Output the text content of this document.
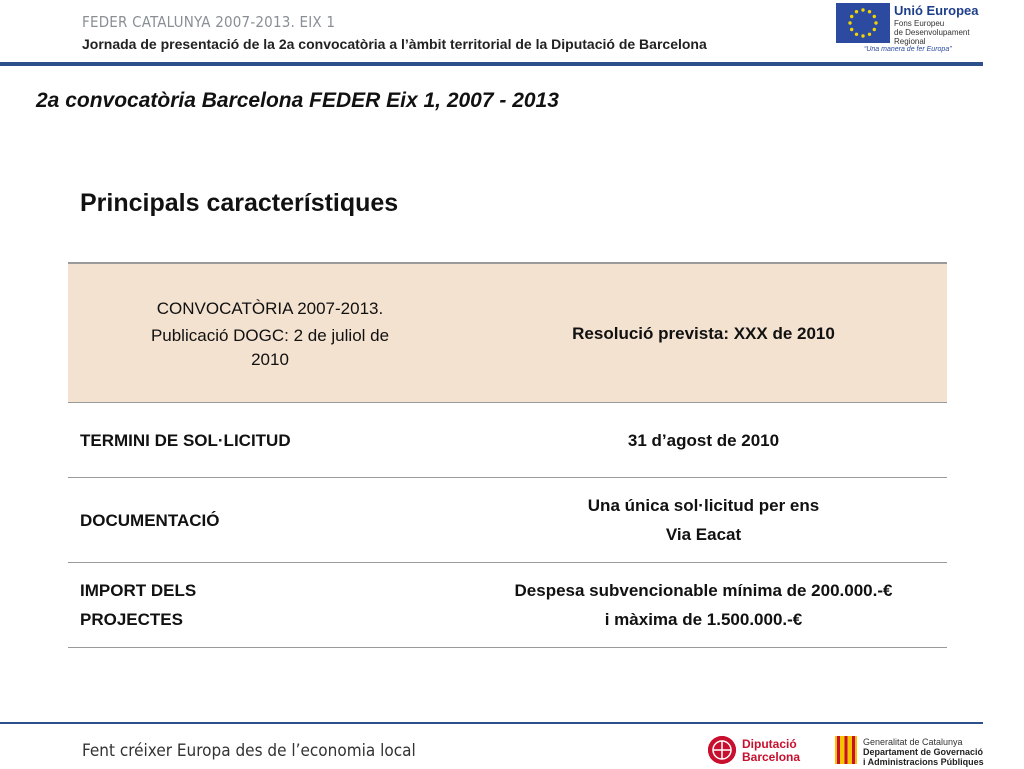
FEDER CATALUNYA 2007-2013. EIX 1
Jornada de presentació de la 2a convocatòria a l’àmbit territorial de la Diputació de Barcelona
Unió Europea
Fons Europeu
de Desenvolupament
Regional
“Una manera de fer Europa”
2a convocatòria Barcelona FEDER Eix 1, 2007 - 2013
Principals característiques
CONVOCATÒRIA 2007-2013.
Publicació DOGC: 2 de juliol de
2010	Resolució prevista: XXX de 2010

TERMINI DE SOL·LICITUD	31 d’agost de 2010

DOCUMENTACIÓ	Una única sol·licitud per ens
Via Eacat

IMPORT DELS
PROJECTES	Despesa subvencionable mínima de 200.000.-€
i màxima de 1.500.000.-€
Fent créixer Europa des de l’economia local	Diputació
Barcelona
Generalitat de Catalunya
Departament de Governació
i Administracions Públiques
